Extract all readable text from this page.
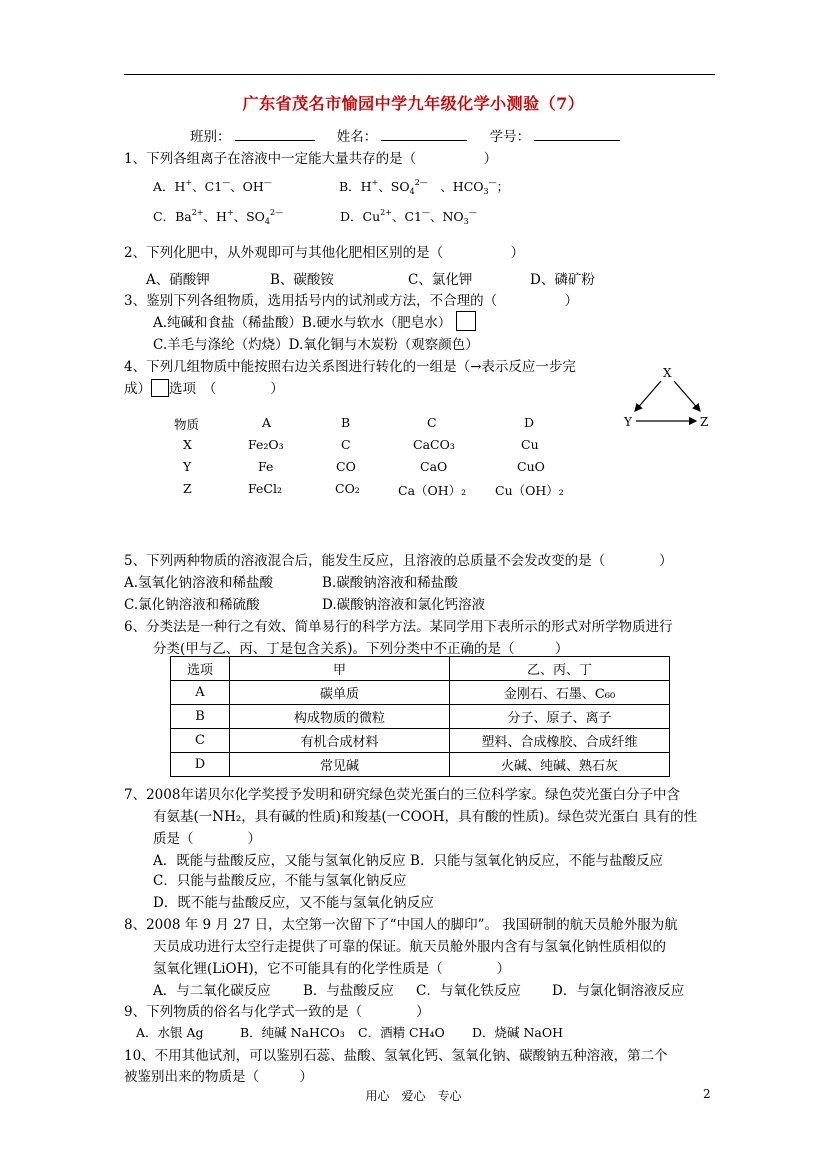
广东省茂名市愉园中学九年级化学小测验（7）
班别：	姓名：	学号：
1、下列各组离子在溶液中一定能大量共存的是（　　　　　）
A．H+、C1—、OH—	B．H+、$SO_4^{2—}$　、$HCO_3^—$；
C．$Ba^{2+}$、H+、$SO_4^{2—}$	D．$Cu^{2+}$、C1—、$NO_3^—$
2、下列化肥中，从外观即可与其他化肥相区别的是（　　　　　）
A、硝酸钾	B、碳酸铵	C、氯化钾	D、磷矿粉
3、鉴别下列各组物质，选用括号内的试剂或方法，不合理的（　　　　　）
A.纯碱和食盐（稀盐酸）B.硬水与软水（肥皂水）
C.羊毛与涤纶（灼烧）D.氧化铜与木炭粉（观察颜色）
4、下列几组物质中能按照右边关系图进行转化的一组是（→表示反应一步完
成） 选项　（　　　　）
物质	A	B	C	D
X	Fe₂O₃	C	CaCO₃	Cu
Y	Fe	CO	CaO	CuO
Z	FeCl₂	CO₂	Ca（OH）₂ Cu（OH）₂
X
Y	Z
5、下列两种物质的溶液混合后，能发生反应，且溶液的总质量不会发改变的是（　　　　）
A.氢氧化钠溶液和稀盐酸	B.碳酸钠溶液和稀盐酸
C.氯化钠溶液和稀硫酸	D.碳酸钠溶液和氯化钙溶液
6、分类法是一种行之有效、简单易行的科学方法。某同学用下表所示的形式对所学物质进行
分类(甲与乙、丙、丁是包含关系)。下列分类中不正确的是（　　　）
选项	甲	乙、丙、丁
A	碳单质	金刚石、石墨、C₆₀
B	构成物质的微粒	分子、原子、离子
C	有机合成材料	塑料、合成橡胶、合成纤维
D	常见碱	火碱、纯碱、熟石灰
7、2008年诺贝尔化学奖授予发明和研究绿色荧光蛋白的三位科学家。绿色荧光蛋白分子中含
有氨基(一NH₂，具有碱的性质)和羧基(一COOH，具有酸的性质)。绿色荧光蛋白 具有的性
质是（　　　　）
A．既能与盐酸反应，又能与氢氧化钠反应 B．只能与氢氧化钠反应，不能与盐酸反应
C．只能与盐酸反应，不能与氢氧化钠反应
D．既不能与盐酸反应，又不能与氢氧化钠反应
8、2008 年 9 月 27 日，太空第一次留下了“中国人的脚印”。 我国研制的航天员舱外服为航
天员成功进行太空行走提供了可靠的保证。航天员舱外服内含有与氢氧化钠性质相似的
氢氧化锂(LiOH)，它不可能具有的化学性质是（　　　　）
A．与二氧化碳反应 B．与盐酸反应 C．与氧化铁反应 D．与氯化铜溶液反应
9、下列物质的俗名与化学式一致的是（　　　　）
A．水银 Ag	B．纯碱 NaHCO₃ C．酒精 CH₄O D．烧碱 NaOH
10、不用其他试剂，可以鉴别石蕊、盐酸、氢氧化钙、氢氧化钠、碳酸钠五种溶液，第二个
被鉴别出来的物质是（　　　）
用心　爱心　专心	2
